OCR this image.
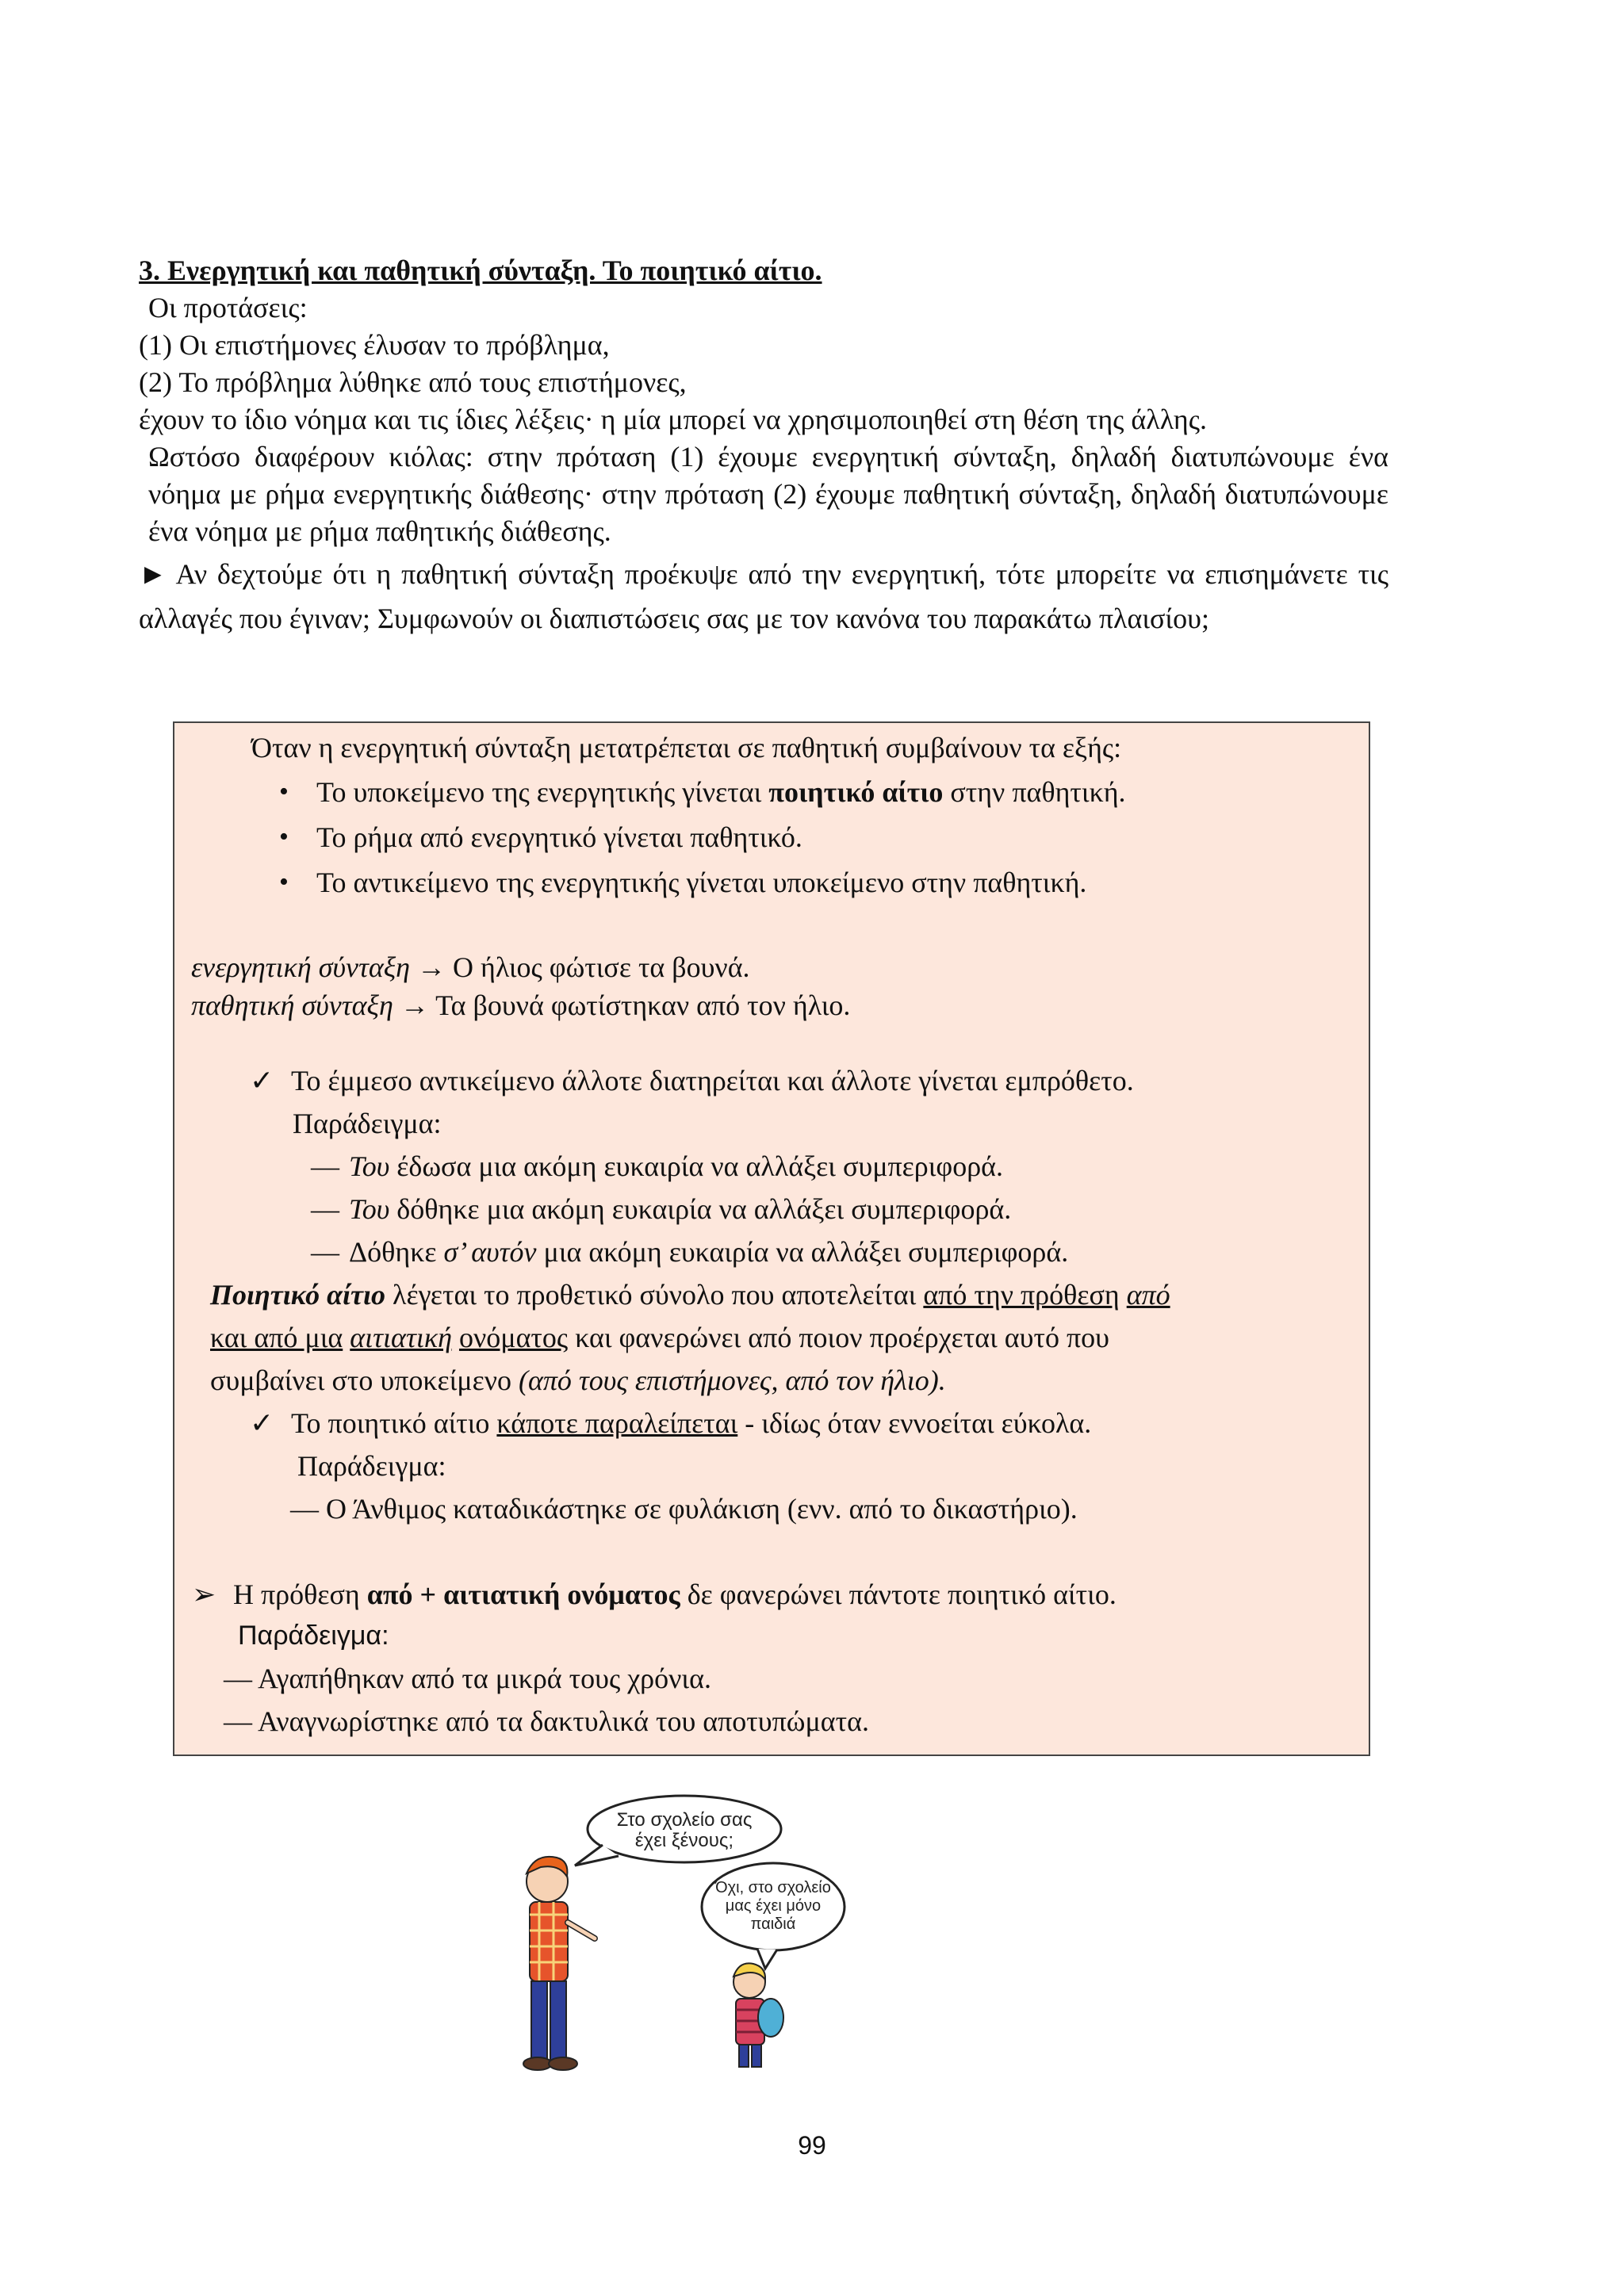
3. Ενεργητική και παθητική σύνταξη. Το ποιητικό αίτιο.

Οι προτάσεις:

(1) Οι επιστήμονες έλυσαν το πρόβλημα,

(2) Το πρόβλημα λύθηκε από τους επιστήμονες,

έχουν το ίδιο νόημα και τις ίδιες λέξεις· η μία μπορεί να χρησιμοποιηθεί στη θέση της άλλης.

Ωστόσο διαφέρουν κιόλας: στην πρόταση (1) έχουμε ενεργητική σύνταξη, δηλαδή διατυπώνουμε ένα νόημα με ρήμα ενεργητικής διάθεσης· στην πρόταση (2) έχουμε παθητική σύνταξη, δηλαδή διατυπώνουμε ένα νόημα με ρήμα παθητικής διάθεσης.

► Αν δεχτούμε ότι η παθητική σύνταξη προέκυψε από την ενεργητική, τότε μπορείτε να επισημάνετε τις αλλαγές που έγιναν; Συμφωνούν οι διαπιστώσεις σας με τον κανόνα του παρακάτω πλαισίου;

Όταν η ενεργητική σύνταξη μετατρέπεται σε παθητική συμβαίνουν τα εξής:
• Το υποκείμενο της ενεργητικής γίνεται ποιητικό αίτιο στην παθητική.
• Το ρήμα από ενεργητικό γίνεται παθητικό.
• Το αντικείμενο της ενεργητικής γίνεται υποκείμενο στην παθητική.
ενεργητική σύνταξη → Ο ήλιος φώτισε τα βουνά.
παθητική σύνταξη → Τα βουνά φωτίστηκαν από τον ήλιο.
✓ Το έμμεσο αντικείμενο άλλοτε διατηρείται και άλλοτε γίνεται εμπρόθετο.
Παράδειγμα:
— Του έδωσα μια ακόμη ευκαιρία να αλλάξει συμπεριφορά.
— Του δόθηκε μια ακόμη ευκαιρία να αλλάξει συμπεριφορά.
— Δόθηκε σ’ αυτόν μια ακόμη ευκαιρία να αλλάξει συμπεριφορά.
Ποιητικό αίτιο λέγεται το προθετικό σύνολο που αποτελείται από την πρόθεση από
και από μια αιτιατική ονόματος και φανερώνει από ποιον προέρχεται αυτό που
συμβαίνει στο υποκείμενο (από τους επιστήμονες, από τον ήλιο).
✓ Το ποιητικό αίτιο κάποτε παραλείπεται - ιδίως όταν εννοείται εύκολα.
Παράδειγμα:
— Ο Άνθιμος καταδικάστηκε σε φυλάκιση (ενν. από το δικαστήριο).
➢ Η πρόθεση από + αιτιατική ονόματος δε φανερώνει πάντοτε ποιητικό αίτιο.
Παράδειγμα:
— Αγαπήθηκαν από τα μικρά τους χρόνια.
— Αναγνωρίστηκε από τα δακτυλικά του αποτυπώματα.
Στο σχολείο σας
έχει ξένους;
Όχι, στο σχολείο
μας έχει μόνο
παιδιά
99
